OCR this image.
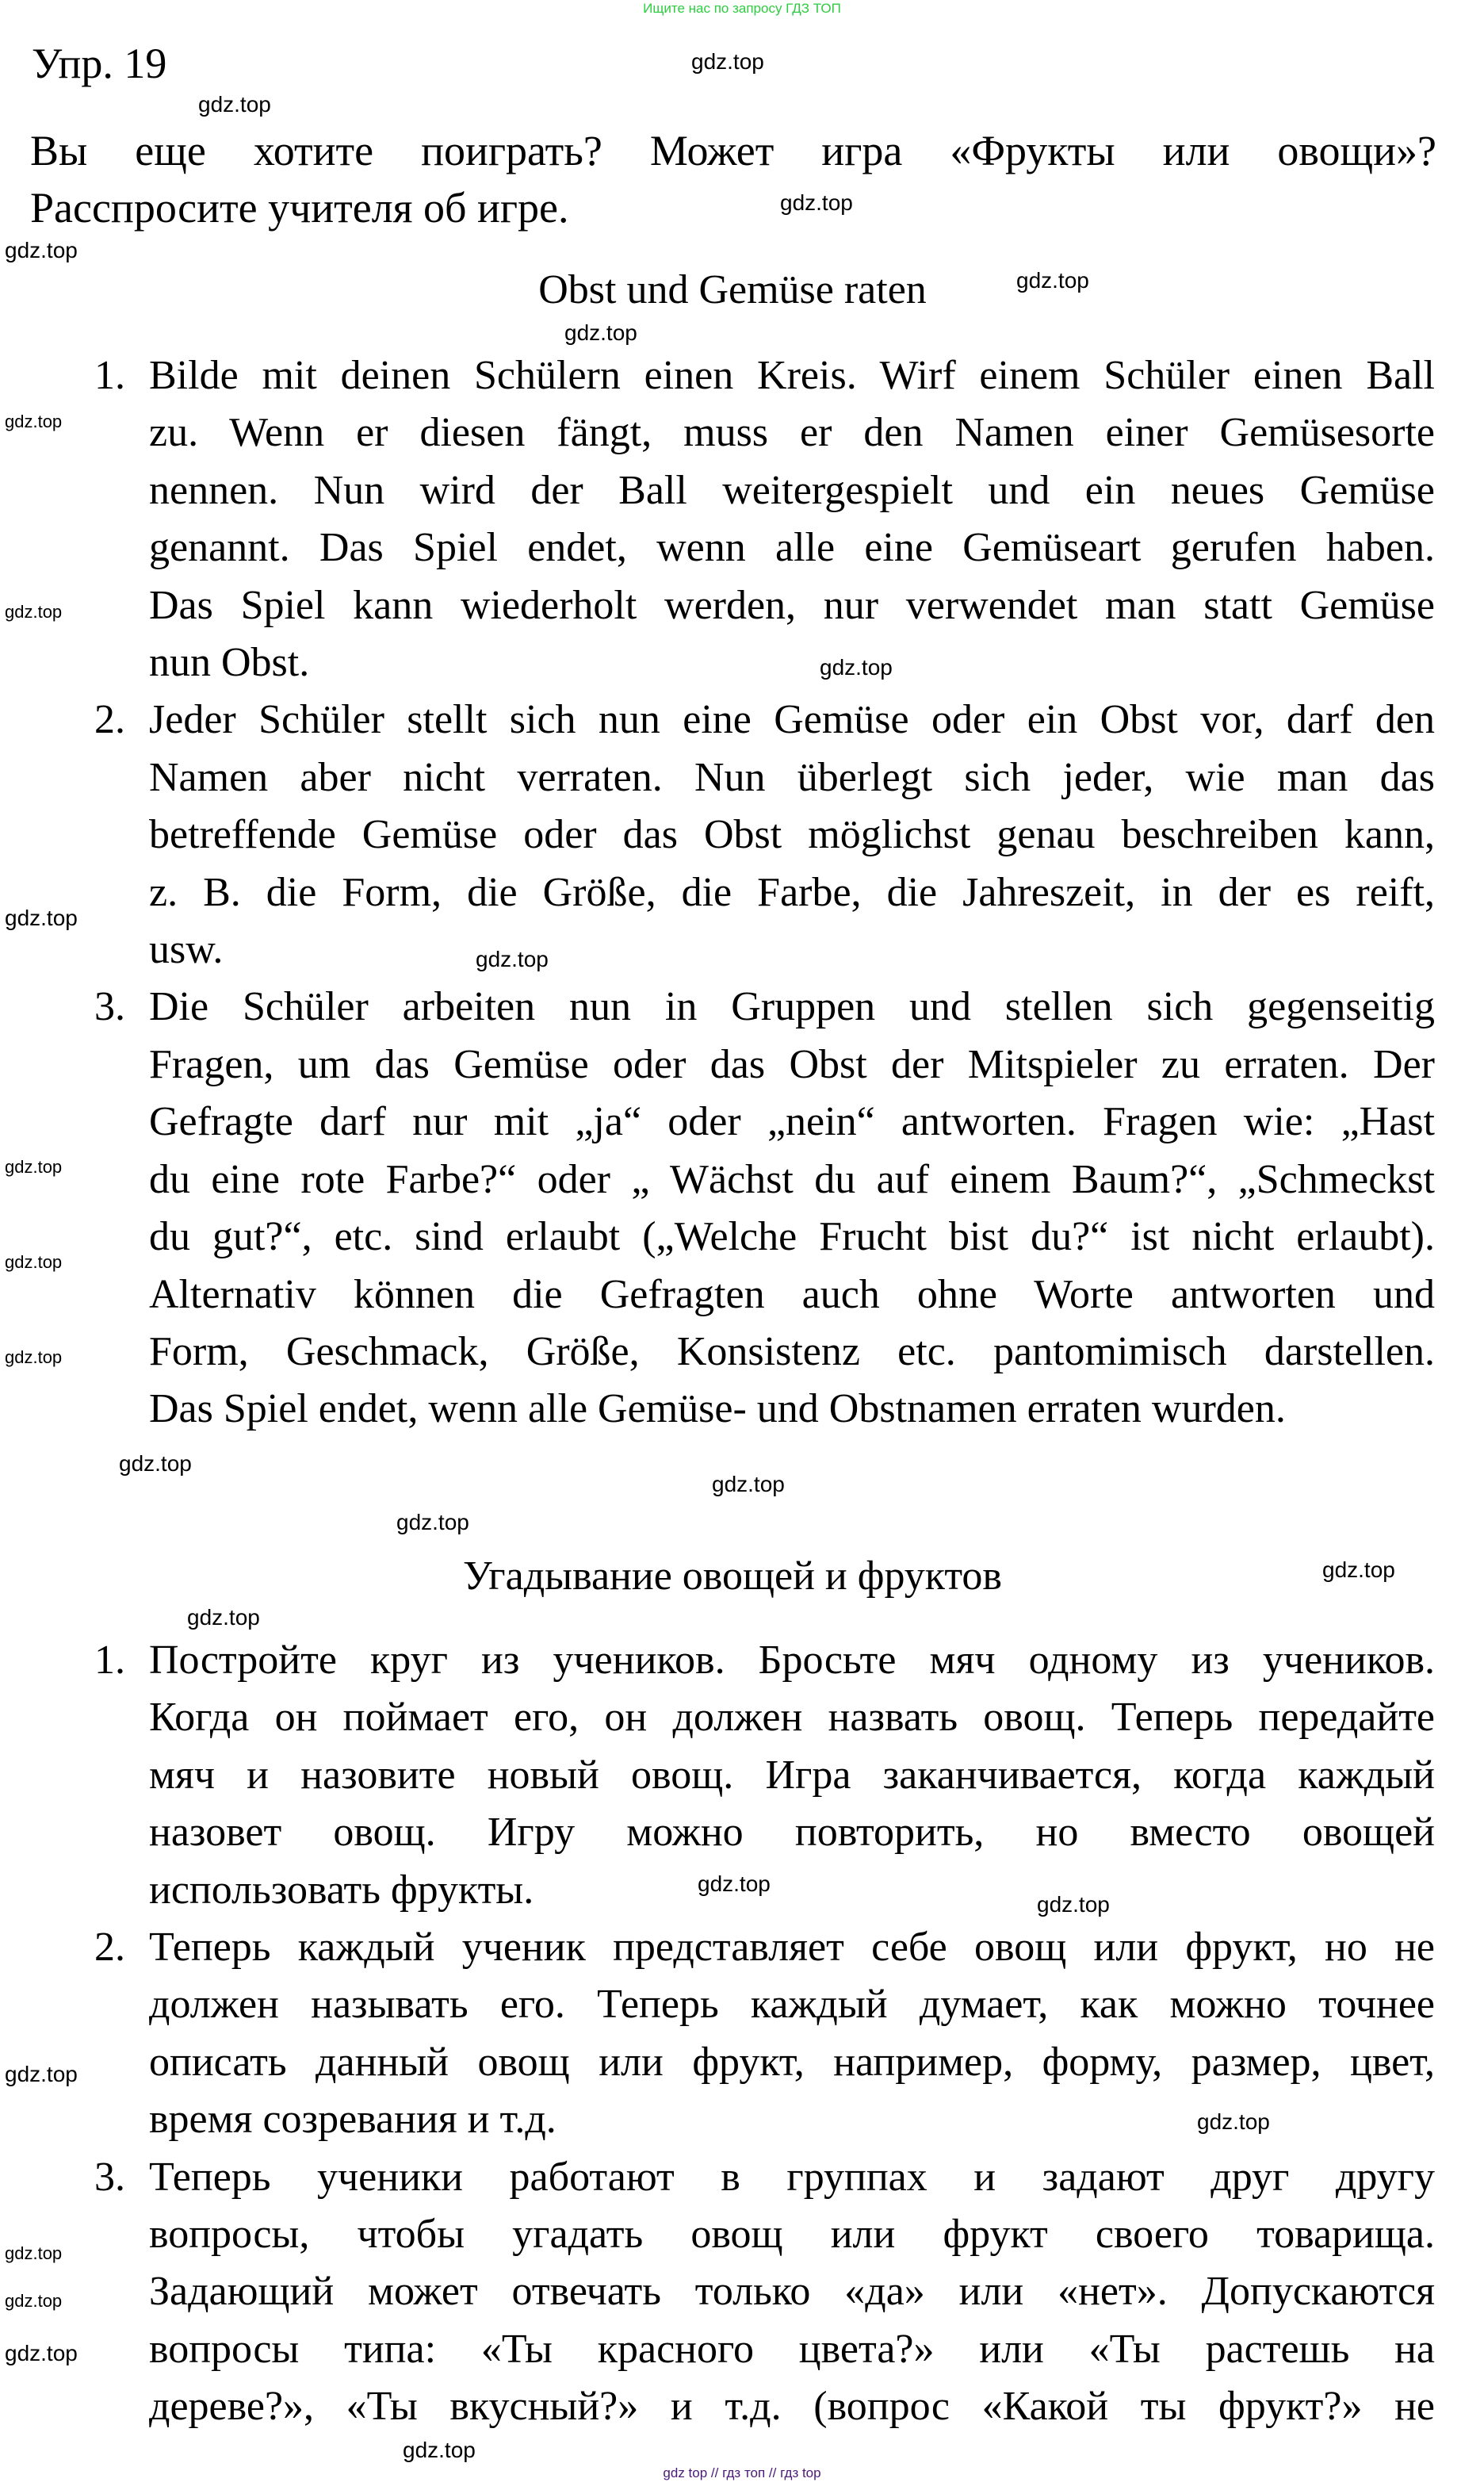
Ищите нас по запросу ГДЗ ТОП
Упр. 19
Вы еще хотите поиграть? Может игра «Фрукты или овощи»?
Расспросите учителя об игре.
Obst und Gemüse raten
1. Bilde mit deinen Schülern einen Kreis. Wirf einem Schüler einen Ball
zu. Wenn er diesen fängt, muss er den Namen einer Gemüsesorte
nennen. Nun wird der Ball weitergespielt und ein neues Gemüse
genannt. Das Spiel endet, wenn alle eine Gemüseart gerufen haben.
Das Spiel kann wiederholt werden, nur verwendet man statt Gemüse
nun Obst.
2. Jeder Schüler stellt sich nun eine Gemüse oder ein Obst vor, darf den
Namen aber nicht verraten. Nun überlegt sich jeder, wie man das
betreffende Gemüse oder das Obst möglichst genau beschreiben kann,
z. B. die Form, die Größe, die Farbe, die Jahreszeit, in der es reift,
usw.
3. Die Schüler arbeiten nun in Gruppen und stellen sich gegenseitig
Fragen, um das Gemüse oder das Obst der Mitspieler zu erraten. Der
Gefragte darf nur mit „ja“ oder „nein“ antworten. Fragen wie: „Hast
du eine rote Farbe?“ oder „ Wächst du auf einem Baum?“, „Schmeckst
du gut?“, etc. sind erlaubt („Welche Frucht bist du?“ ist nicht erlaubt).
Alternativ können die Gefragten auch ohne Worte antworten und
Form, Geschmack, Größe, Konsistenz etc. pantomimisch darstellen.
Das Spiel endet, wenn alle Gemüse- und Obstnamen erraten wurden.
Угадывание овощей и фруктов
1. Постройте круг из учеников. Бросьте мяч одному из учеников.
Когда он поймает его, он должен назвать овощ. Теперь передайте
мяч и назовите новый овощ. Игра заканчивается, когда каждый
назовет овощ. Игру можно повторить, но вместо овощей
использовать фрукты.
2. Теперь каждый ученик представляет себе овощ или фрукт, но не
должен называть его. Теперь каждый думает, как можно точнее
описать данный овощ или фрукт, например, форму, размер, цвет,
время созревания и т.д.
3. Теперь ученики работают в группах и задают друг другу
вопросы, чтобы угадать овощ или фрукт своего товарища.
Задающий может отвечать только «да» или «нет». Допускаются
вопросы типа: «Ты красного цвета?» или «Ты растешь на
дереве?», «Ты вкусный?» и т.д. (вопрос «Какой ты фрукт?» не
gdz.top
gdz.top
gdz.top
gdz.top
gdz.top
gdz.top
gdz.top
gdz.top
gdz.top
gdz.top
gdz.top
gdz.top
gdz.top
gdz.top
gdz.top
gdz.top
gdz.top
gdz.top
gdz.top
gdz.top
gdz.top
gdz.top
gdz.top
gdz.top
gdz.top
gdz.top
gdz.top
gdz top // гдз топ // гдз top
